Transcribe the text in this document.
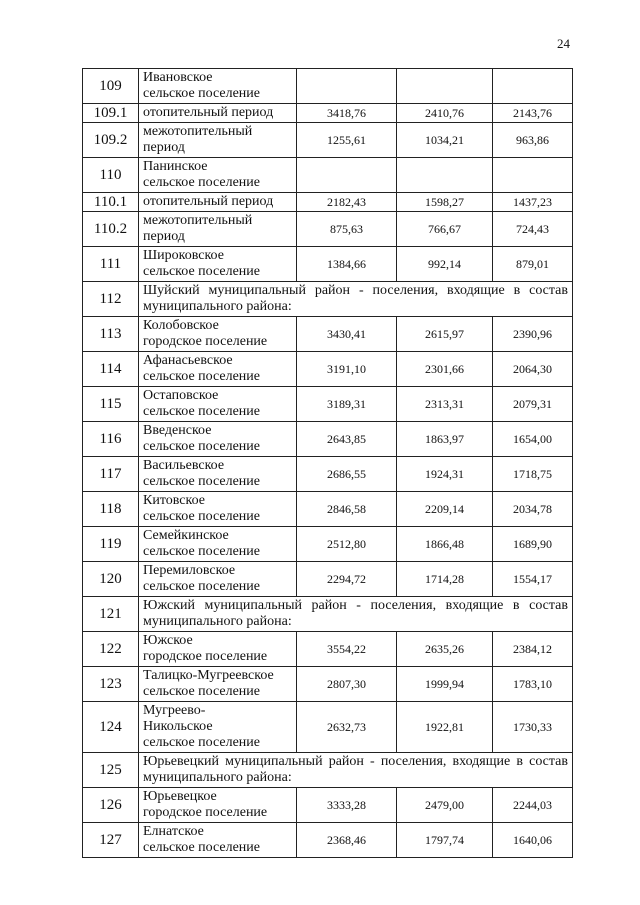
24
109	Ивановское
сельское поселение			

109.1	отопительный период	3418,76	2410,76	2143,76
109.2	межотопительный
период	1255,61	1034,21	963,86
110	Панинское
сельское поселение			

110.1	отопительный период	2182,43	1598,27	1437,23
110.2	межотопительный
период	875,63	766,67	724,43
111	Широковское
сельское поселение	1384,66	992,14	879,01
112	Шуйский муниципальный район - поселения, входящие в состав муниципального района:			
113	Колобовское
городское поселение	3430,41	2615,97	2390,96
114	Афанасьевское
сельское поселение	3191,10	2301,66	2064,30
115	Остаповское
сельское поселение	3189,31	2313,31	2079,31
116	Введенское
сельское поселение	2643,85	1863,97	1654,00
117	Васильевское
сельское поселение	2686,55	1924,31	1718,75
118	Китовское
сельское поселение	2846,58	2209,14	2034,78
119	Семейкинское
сельское поселение	2512,80	1866,48	1689,90
120	Перемиловское
сельское поселение	2294,72	1714,28	1554,17
121	Южский муниципальный район - поселения, входящие в состав муниципального района:			
122	Южское
городское поселение	3554,22	2635,26	2384,12
123	Талицко-Мугреевское
сельское поселение	2807,30	1999,94	1783,10
124	Мугреево-
Никольское
сельское поселение	2632,73	1922,81	1730,33
125	Юрьевецкий муниципальный район - поселения, входящие в состав муниципального района:			
126	Юрьевецкое
городское поселение	3333,28	2479,00	2244,03
127	Елнатское
сельское поселение	2368,46	1797,74	1640,06
